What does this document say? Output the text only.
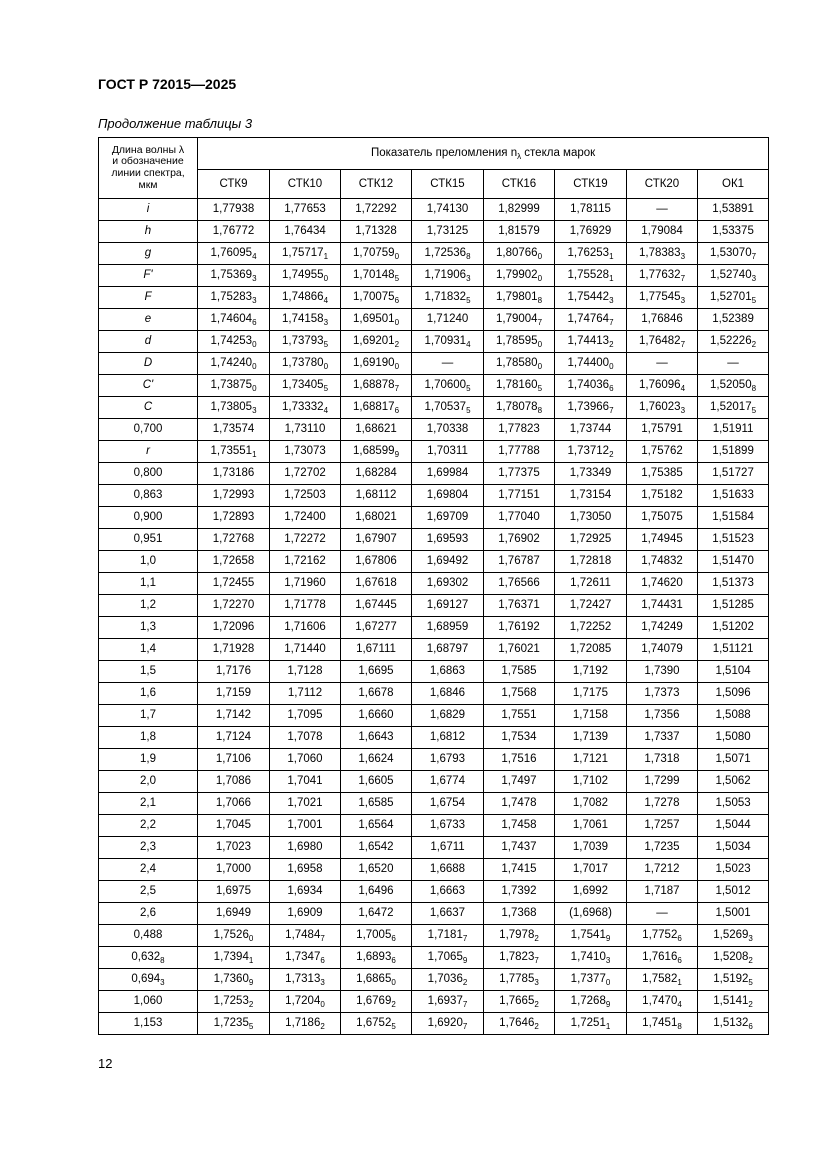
ГОСТ Р 72015—2025
Продолжение таблицы 3
Длина волны λ
и обозначение
линии спектра,
мкм	Показатель преломления $n_\lambda$ стекла марок							
	СТК9	СТК10	СТК12	СТК15	СТК16	СТК19	СТК20	ОК1
i	1,77938	1,77653	1,72292	1,74130	1,82999	1,78115	—	1,53891
h	1,76772	1,76434	1,71328	1,73125	1,81579	1,76929	1,79084	1,53375
g	$1,76095_4$	$1,75717_1$	$1,70759_0$	$1,72536_8$	$1,80766_0$	$1,76253_1$	$1,78383_3$	$1,53070_7$
F'	$1,75369_3$	$1,74955_0$	$1,70148_5$	$1,71906_3$	$1,79902_0$	$1,75528_1$	$1,77632_7$	$1,52740_3$
F	$1,75283_3$	$1,74866_4$	$1,70075_6$	$1,71832_5$	$1,79801_8$	$1,75442_3$	$1,77545_3$	$1,52701_5$
e	$1,74604_6$	$1,74158_3$	$1,69501_0$	1,71240	$1,79004_7$	$1,74764_7$	1,76846	1,52389
d	$1,74253_0$	$1,73793_5$	$1,69201_2$	$1,70931_4$	$1,78595_0$	$1,74413_2$	$1,76482_7$	$1,52226_2$
D	$1,74240_0$	$1,73780_0$	$1,69190_0$	—	$1,78580_0$	$1,74400_0$	—	—
C'	$1,73875_0$	$1,73405_5$	$1,68878_7$	$1,70600_5$	$1,78160_5$	$1,74036_6$	$1,76096_4$	$1,52050_8$
C	$1,73805_3$	$1,73332_4$	$1,68817_6$	$1,70537_5$	$1,78078_8$	$1,73966_7$	$1,76023_3$	$1,52017_5$
0,700	1,73574	1,73110	1,68621	1,70338	1,77823	1,73744	1,75791	1,51911
r	$1,73551_1$	1,73073	$1,68599_9$	1,70311	1,77788	$1,73712_2$	1,75762	1,51899
0,800	1,73186	1,72702	1,68284	1,69984	1,77375	1,73349	1,75385	1,51727
0,863	1,72993	1,72503	1,68112	1,69804	1,77151	1,73154	1,75182	1,51633
0,900	1,72893	1,72400	1,68021	1,69709	1,77040	1,73050	1,75075	1,51584
0,951	1,72768	1,72272	1,67907	1,69593	1,76902	1,72925	1,74945	1,51523
1,0	1,72658	1,72162	1,67806	1,69492	1,76787	1,72818	1,74832	1,51470
1,1	1,72455	1,71960	1,67618	1,69302	1,76566	1,72611	1,74620	1,51373
1,2	1,72270	1,71778	1,67445	1,69127	1,76371	1,72427	1,74431	1,51285
1,3	1,72096	1,71606	1,67277	1,68959	1,76192	1,72252	1,74249	1,51202
1,4	1,71928	1,71440	1,67111	1,68797	1,76021	1,72085	1,74079	1,51121
1,5	1,7176	1,7128	1,6695	1,6863	1,7585	1,7192	1,7390	1,5104
1,6	1,7159	1,7112	1,6678	1,6846	1,7568	1,7175	1,7373	1,5096
1,7	1,7142	1,7095	1,6660	1,6829	1,7551	1,7158	1,7356	1,5088
1,8	1,7124	1,7078	1,6643	1,6812	1,7534	1,7139	1,7337	1,5080
1,9	1,7106	1,7060	1,6624	1,6793	1,7516	1,7121	1,7318	1,5071
2,0	1,7086	1,7041	1,6605	1,6774	1,7497	1,7102	1,7299	1,5062
2,1	1,7066	1,7021	1,6585	1,6754	1,7478	1,7082	1,7278	1,5053
2,2	1,7045	1,7001	1,6564	1,6733	1,7458	1,7061	1,7257	1,5044
2,3	1,7023	1,6980	1,6542	1,6711	1,7437	1,7039	1,7235	1,5034
2,4	1,7000	1,6958	1,6520	1,6688	1,7415	1,7017	1,7212	1,5023
2,5	1,6975	1,6934	1,6496	1,6663	1,7392	1,6992	1,7187	1,5012
2,6	1,6949	1,6909	1,6472	1,6637	1,7368	(1,6968)	—	1,5001
0,488	$1,7526_0$	$1,7484_7$	$1,7005_6$	$1,7181_7$	$1,7978_2$	$1,7541_9$	$1,7752_6$	$1,5269_3$
$0,632_8$	$1,7394_1$	$1,7347_6$	$1,6893_6$	$1,7065_9$	$1,7823_7$	$1,7410_3$	$1,7616_6$	$1,5208_2$
$0,694_3$	$1,7360_9$	$1,7313_3$	$1,6865_0$	$1,7036_2$	$1,7785_3$	$1,7377_0$	$1,7582_1$	$1,5192_5$
1,060	$1,7253_2$	$1,7204_0$	$1,6769_2$	$1,6937_7$	$1,7665_2$	$1,7268_9$	$1,7470_4$	$1,5141_2$
1,153	$1,7235_5$	$1,7186_2$	$1,6752_5$	$1,6920_7$	$1,7646_2$	$1,7251_1$	$1,7451_8$	$1,5132_6$
12
